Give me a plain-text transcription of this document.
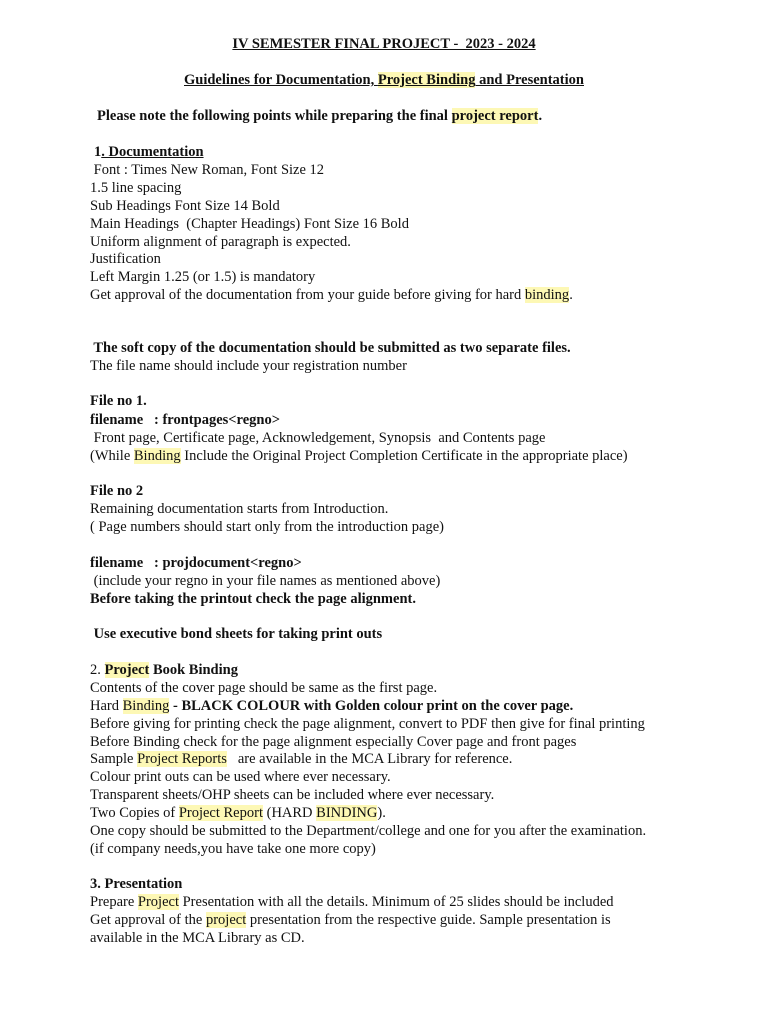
IV SEMESTER FINAL PROJECT -  2023 - 2024
Guidelines for Documentation, Project Binding and Presentation
Please note the following points while preparing the final project report.
1. Documentation
Font : Times New Roman, Font Size 12
1.5 line spacing
Sub Headings Font Size 14 Bold
Main Headings  (Chapter Headings) Font Size 16 Bold
Uniform alignment of paragraph is expected.
Justification
Left Margin 1.25 (or 1.5) is mandatory
Get approval of the documentation from your guide before giving for hard binding.
The soft copy of the documentation should be submitted as two separate files.
The file name should include your registration number
File no 1.
filename   : frontpages<regno>
Front page, Certificate page, Acknowledgement, Synopsis  and Contents page
(While Binding Include the Original Project Completion Certificate in the appropriate place)
File no 2
Remaining documentation starts from Introduction.
( Page numbers should start only from the introduction page)
filename   : projdocument<regno>
(include your regno in your file names as mentioned above)
Before taking the printout check the page alignment.
Use executive bond sheets for taking print outs
2. Project Book Binding
Contents of the cover page should be same as the first page.
Hard Binding - BLACK COLOUR with Golden colour print on the cover page.
Before giving for printing check the page alignment, convert to PDF then give for final printing
Before Binding check for the page alignment especially Cover page and front pages
Sample Project Reports   are available in the MCA Library for reference.
Colour print outs can be used where ever necessary.
Transparent sheets/OHP sheets can be included where ever necessary.
Two Copies of Project Report (HARD BINDING).
One copy should be submitted to the Department/college and one for you after the examination.
(if company needs,you have take one more copy)
3. Presentation
Prepare Project Presentation with all the details. Minimum of 25 slides should be included
Get approval of the project presentation from the respective guide. Sample presentation is
available in the MCA Library as CD.
